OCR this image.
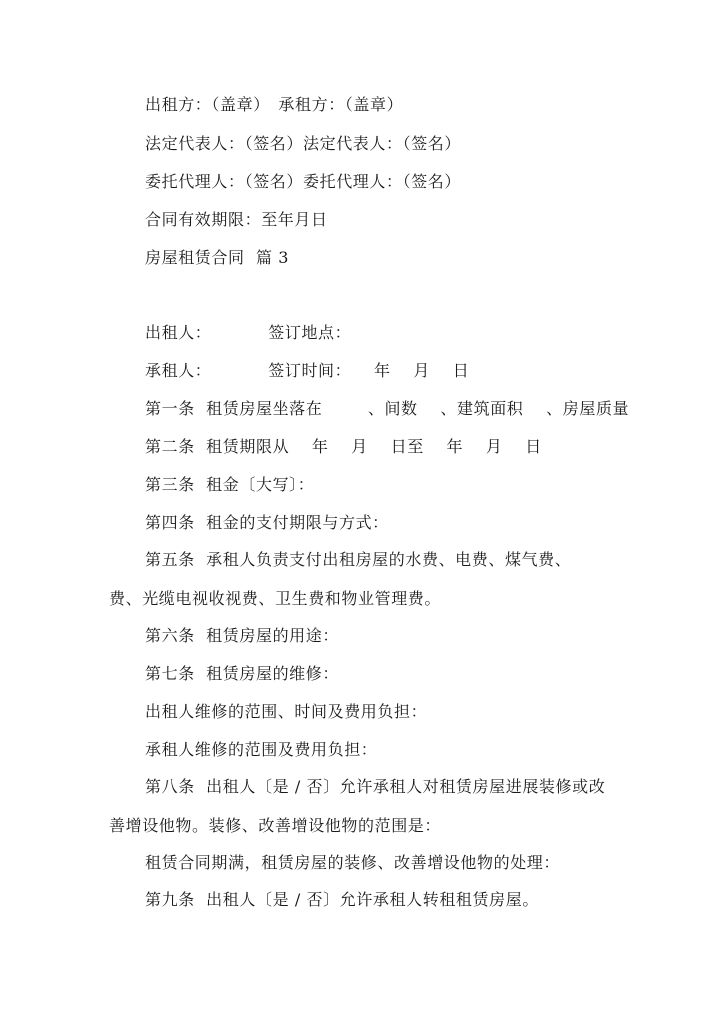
出租方：（盖章）　承租方：（盖章）
法定代表人：（签名）法定代表人：（签名）
委托代理人：（签名）委托代理人：（签名）
合同有效期限：至年月日
房屋租赁合同  篇 3
出租人：          签订地点：
承租人：          签订时间：    年    月    日
第一条  租赁房屋坐落在        、间数    、建筑面积    、房屋质量
第二条  租赁期限从    年    月    日至    年    月    日
第三条  租金〔大写〕：
第四条  租金的支付期限与方式：
第五条  承租人负责支付出租房屋的水费、电费、煤气费、
费、光缆电视收视费、卫生费和物业管理费。
第六条  租赁房屋的用途：
第七条  租赁房屋的维修：
出租人维修的范围、时间及费用负担：
承租人维修的范围及费用负担：
第八条  出租人〔是 / 否〕允许承租人对租赁房屋进展装修或改
善增设他物。装修、改善增设他物的范围是：
租赁合同期满，租赁房屋的装修、改善增设他物的处理：
第九条  出租人〔是 / 否〕允许承租人转租租赁房屋。
